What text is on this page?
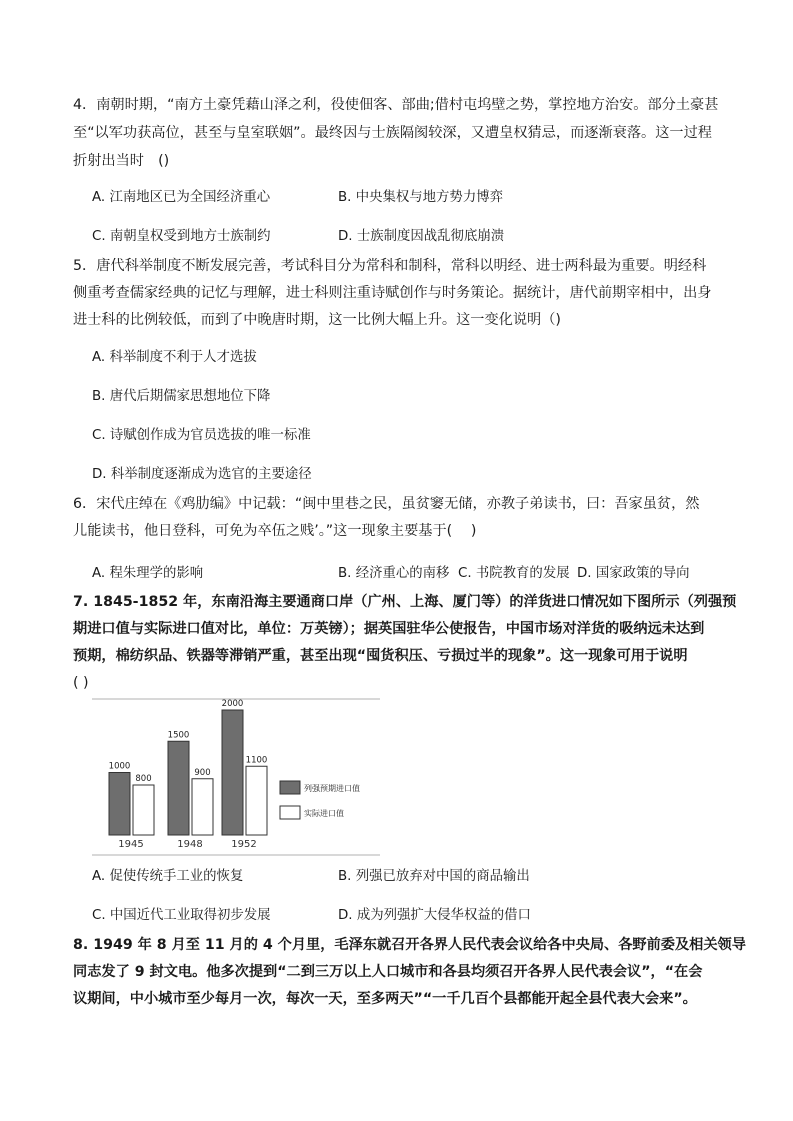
4．南朝时期，“南方土豪凭藉山泽之利，役使佃客、部曲;借村屯坞壁之势，掌控地方治安。部分土豪甚
至“以军功获高位，甚至与皇室联姻”。最终因与士族隔阂较深，又遭皇权猜忌，而逐渐衰落。这一过程
折射出当时　()
A. 江南地区已为全国经济重心	B. 中央集权与地方势力博弈
C. 南朝皇权受到地方士族制约	D. 士族制度因战乱彻底崩溃
5．唐代科举制度不断发展完善，考试科目分为常科和制科，常科以明经、进士两科最为重要。明经科
侧重考查儒家经典的记忆与理解，进士科则注重诗赋创作与时务策论。据统计，唐代前期宰相中，出身
进士科的比例较低，而到了中晚唐时期，这一比例大幅上升。这一变化说明（)
A. 科举制度不利于人才选拔
B. 唐代后期儒家思想地位下降
C. 诗赋创作成为官员选拔的唯一标准
D. 科举制度逐渐成为选官的主要途径
6．宋代庄绰在《鸡肋编》中记载：“闽中里巷之民，虽贫窭无储，亦教子弟读书，曰：吾家虽贫，然
儿能读书，他日登科，可免为卒伍之贱’。”这一现象主要基于(　 )
A. 程朱理学的影响	B. 经济重心的南移 C. 书院教育的发展 D. 国家政策的导向
7. 1845-1852 年，东南沿海主要通商口岸（广州、上海、厦门等）的洋货进口情况如下图所示（列强预
期进口值与实际进口值对比，单位：万英镑）；据英国驻华公使报告，中国市场对洋货的吸纳远未达到
预期，棉纺织品、铁器等滞销严重，甚至出现“囤货积压、亏损过半的现象”。这一现象可用于说明
( )
1000
800
1945
1500
900
1948
2000
1100
1952
列强预期进口值
实际进口值
A. 促使传统手工业的恢复	B. 列强已放弃对中国的商品输出
C. 中国近代工业取得初步发展	D. 成为列强扩大侵华权益的借口
8. 1949 年 8 月至 11 月的 4 个月里，毛泽东就召开各界人民代表会议给各中央局、各野前委及相关领导
同志发了 9 封文电。他多次提到“二到三万以上人口城市和各县均须召开各界人民代表会议”，“在会
议期间，中小城市至少每月一次，每次一天，至多两天”“一千几百个县都能开起全县代表大会来”。
